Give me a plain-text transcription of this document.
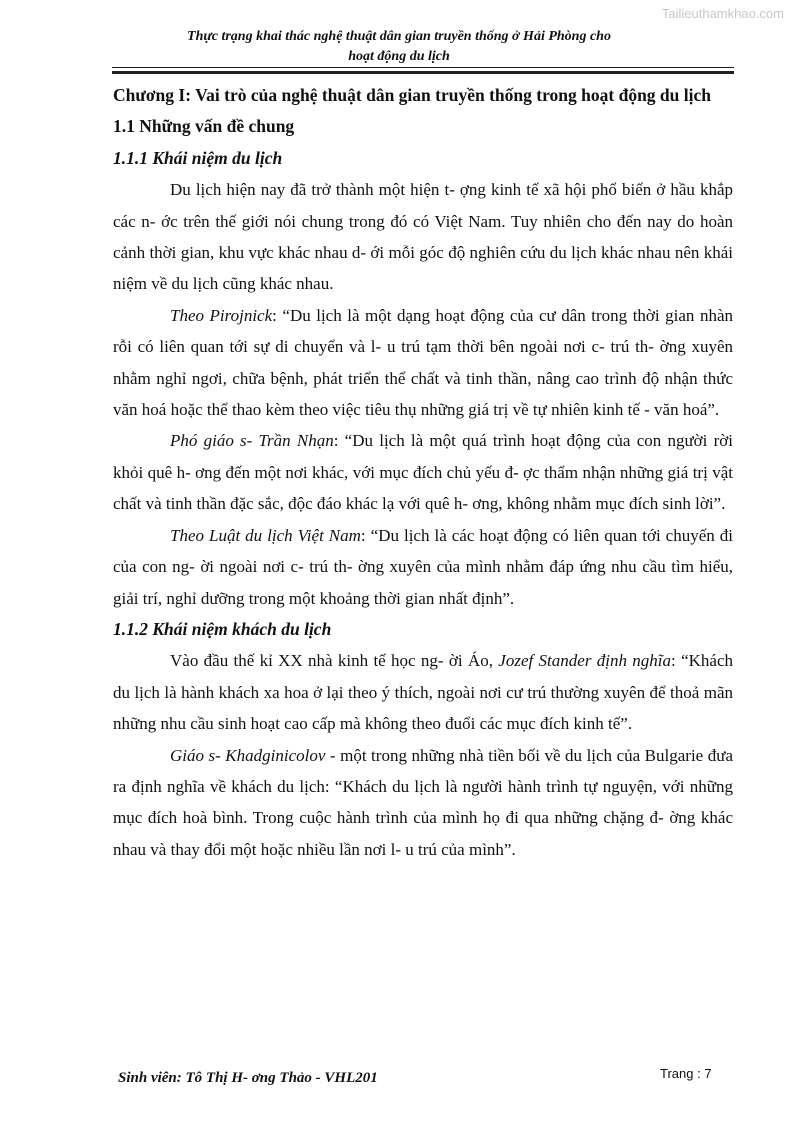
Tailieuthamkhao.com
Thực trạng khai thác nghệ thuật dân gian truyền thống ở Hải Phòng cho
hoạt động du lịch
Chương I: Vai trò của nghệ thuật dân gian truyền thống trong hoạt động du lịch
1.1 Những vấn đề chung
1.1.1 Khái niệm du lịch

Du lịch hiện nay đã trở thành một hiện t- ợng kinh tế xã hội phổ biến ở hầu khắp các n- ớc trên thế giới nói chung trong đó có Việt Nam. Tuy nhiên cho đến nay do hoàn cảnh thời gian, khu vực khác nhau d- ới mỗi góc độ nghiên cứu du lịch khác nhau nên khái niệm về du lịch cũng khác nhau.

Theo Pirojnick: “Du lịch là một dạng hoạt động của cư dân trong thời gian nhàn rỗi có liên quan tới sự di chuyển và l- u trú tạm thời bên ngoài nơi c- trú th- ờng xuyên nhằm nghỉ ngơi, chữa bệnh, phát triển thể chất và tinh thần, nâng cao trình độ nhận thức văn hoá hoặc thể thao kèm theo việc tiêu thụ những giá trị về tự nhiên kinh tế - văn hoá”.

Phó giáo s- Trần Nhạn: “Du lịch là một quá trình hoạt động của con người rời khỏi quê h- ơng đến một nơi khác, với mục đích chủ yếu đ- ợc thẩm nhận những giá trị vật chất và tinh thần đặc sắc, độc đáo khác lạ với quê h- ơng, không nhằm mục đích sinh lời”.

Theo Luật du lịch Việt Nam: “Du lịch là các hoạt động có liên quan tới chuyến đi của con ng- ời ngoài nơi c- trú th- ờng xuyên của mình nhằm đáp ứng nhu cầu tìm hiểu, giải trí, nghỉ dưỡng trong một khoảng thời gian nhất định”.

1.1.2 Khái niệm khách du lịch

Vào đầu thế kỉ XX nhà kinh tế học ng- ời Áo, Jozef Stander định nghĩa: “Khách du lịch là hành khách xa hoa ở lại theo ý thích, ngoài nơi cư trú thường xuyên để thoả mãn những nhu cầu sinh hoạt cao cấp mà không theo đuổi các mục đích kinh tế”.

Giáo s- Khadginicolov - một trong những nhà tiền bối về du lịch của Bulgarie đưa ra định nghĩa về khách du lịch: “Khách du lịch là người hành trình tự nguyện, với những mục đích hoà bình. Trong cuộc hành trình của mình họ đi qua những chặng đ- ờng khác nhau và thay đổi một hoặc nhiều lần nơi l- u trú của mình”.

Sinh viên: Tô Thị H- ơng Thảo - VHL201	Trang : 7
